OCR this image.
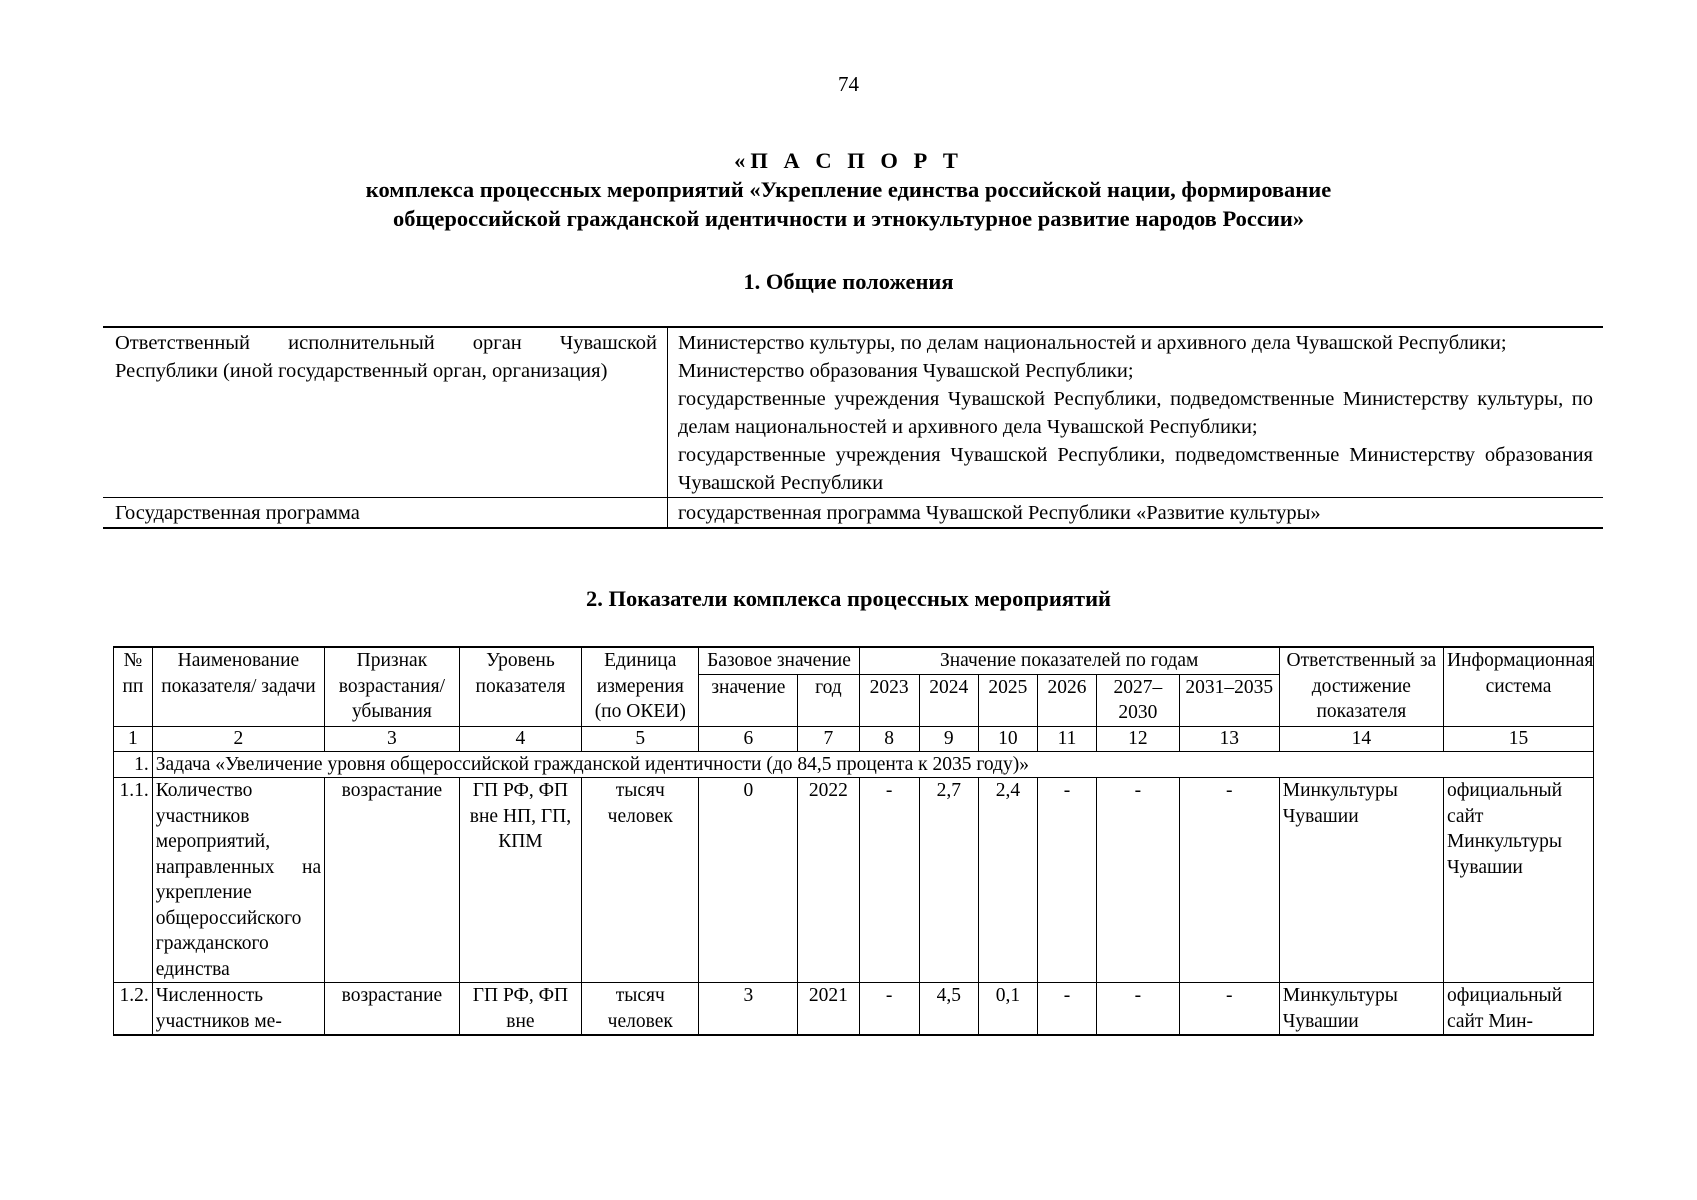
74
«П А С П О Р Т
комплекса процессных мероприятий «Укрепление единства российской нации, формирование
общероссийской гражданской идентичности и этнокультурное развитие народов России»
1. Общие положения
Ответственный исполнительный орган Чувашской Республики (иной государственный орган, организация)	Министерство культуры, по делам национальностей и архивного дела Чувашской Республики;
Министерство образования Чувашской Республики;
государственные учреждения Чувашской Республики, подведомственные Министерству культуры, по делам национальностей и архивного дела Чувашской Республики;
государственные учреждения Чувашской Республики, подведомственные Министерству образования Чувашской Республики

Государственная программа	государственная программа Чувашской Республики «Развитие культуры»
2. Показатели комплекса процессных мероприятий
№ пп	Наименование показателя/ задачи	Признак возрастания/ убывания	Уровень показателя	Единица измерения (по ОКЕИ)	Базовое значение		Значение показателей по годам						Ответственный за достижение показателя	Информационная система
					значение	год	2023	2024	2025	2026	2027–2030	2031–2035		
1	2	3	4	5	6	7	8	9	10	11	12	13	14	15
1.	Задача «Увеличение уровня общероссийской гражданской идентичности (до 84,5 процента к 2035 году)»													
1.1.	Количество участников мероприятий, направленных на укрепление общероссийского гражданского единства	возрастание	ГП РФ, ФП вне НП, ГП, КПМ	тысяч человек	0	2022	-	2,7	2,4	-	-	-	Минкультуры Чувашии	официальный сайт Минкультуры Чувашии
1.2.	Численность участников ме-	возрастание	ГП РФ, ФП вне	тысяч человек	3	2021	-	4,5	0,1	-	-	-	Минкультуры Чувашии	официальный сайт Мин-
